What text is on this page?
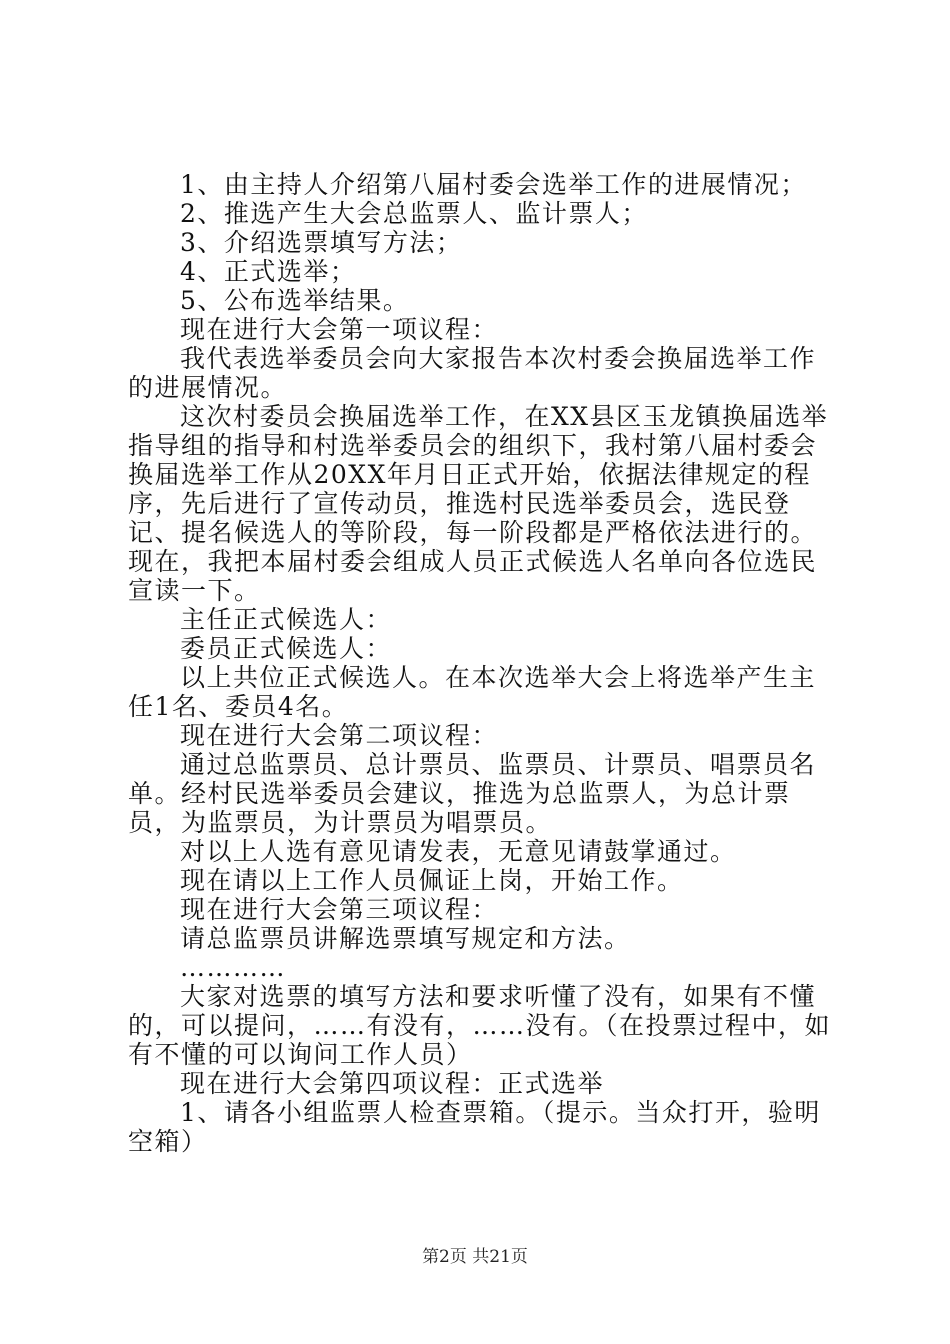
1、由主持人介绍第八届村委会选举工作的进展情况；

2、推选产生大会总监票人、监计票人；

3、介绍选票填写方法；

4、正式选举；

5、公布选举结果。

现在进行大会第一项议程：

我代表选举委员会向大家报告本次村委会换届选举工作的进展情况。

这次村委员会换届选举工作，在XX县区玉龙镇换届选举指导组的指导和村选举委员会的组织下，我村第八届村委会换届选举工作从20XX年月日正式开始，依据法律规定的程序，先后进行了宣传动员，推选村民选举委员会，选民登记、提名候选人的等阶段，每一阶段都是严格依法进行的。现在，我把本届村委会组成人员正式候选人名单向各位选民宣读一下。

主任正式候选人：

委员正式候选人：

以上共位正式候选人。在本次选举大会上将选举产生主任1名、委员4名。

现在进行大会第二项议程：

通过总监票员、总计票员、监票员、计票员、唱票员名单。经村民选举委员会建议，推选为总监票人，为总计票员，为监票员，为计票员为唱票员。

对以上人选有意见请发表，无意见请鼓掌通过。

现在请以上工作人员佩证上岗，开始工作。

现在进行大会第三项议程：

请总监票员讲解选票填写规定和方法。

…………

大家对选票的填写方法和要求听懂了没有，如果有不懂的，可以提问，……有没有，……没有。（在投票过程中，如有不懂的可以询问工作人员）

现在进行大会第四项议程：正式选举

1、请各小组监票人检查票箱。（提示。当众打开，验明空箱）

第2页 共21页
